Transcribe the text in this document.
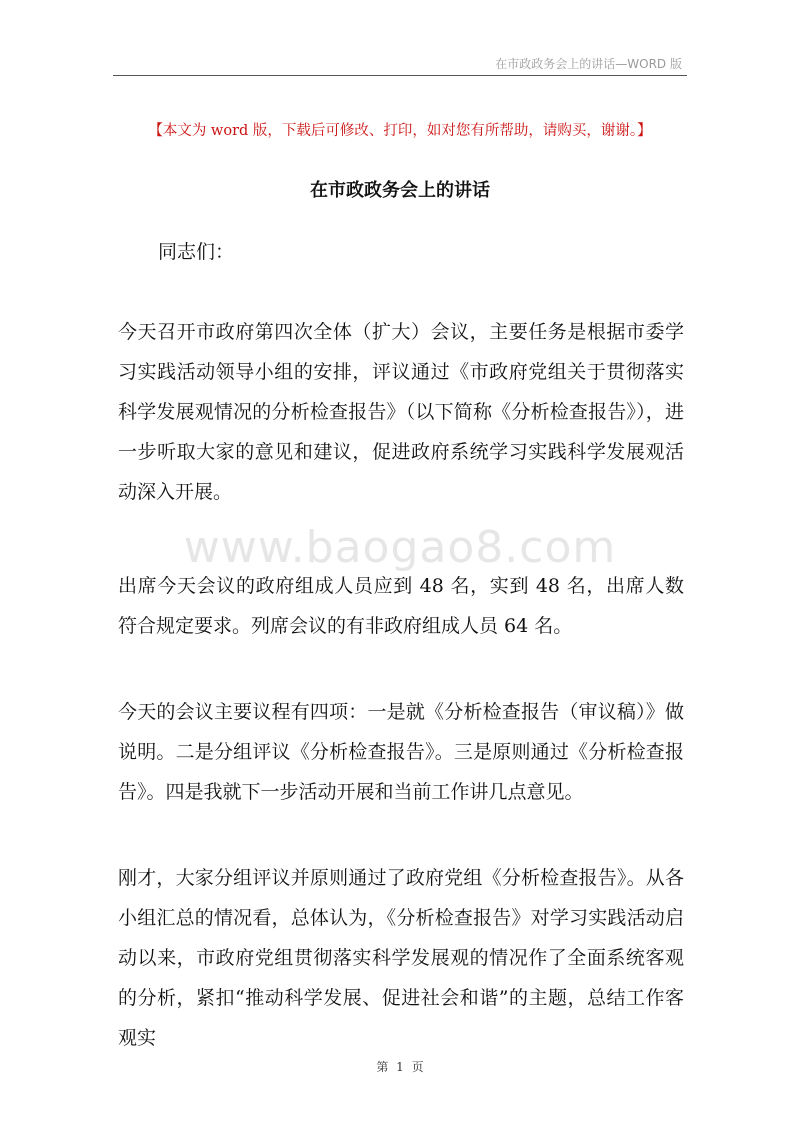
在市政政务会上的讲话—WORD 版
【本文为 word 版，下载后可修改、打印，如对您有所帮助，请购买，谢谢。】
在市政政务会上的讲话
同志们：
今天召开市政府第四次全体（扩大）会议，主要任务是根据市委学习实践活动领导小组的安排，评议通过《市政府党组关于贯彻落实科学发展观情况的分析检查报告》（以下简称《分析检查报告》），进一步听取大家的意见和建议，促进政府系统学习实践科学发展观活动深入开展。
www.baogao8.com
出席今天会议的政府组成人员应到 48 名，实到 48 名，出席人数符合规定要求。列席会议的有非政府组成人员 64 名。
今天的会议主要议程有四项：一是就《分析检查报告（审议稿）》做说明。二是分组评议《分析检查报告》。三是原则通过《分析检查报告》。四是我就下一步活动开展和当前工作讲几点意见。
刚才，大家分组评议并原则通过了政府党组《分析检查报告》。从各小组汇总的情况看，总体认为，《分析检查报告》对学习实践活动启动以来，市政府党组贯彻落实科学发展观的情况作了全面系统客观的分析，紧扣“推动科学发展、促进社会和谐”的主题，总结工作客观实
第 1 页
